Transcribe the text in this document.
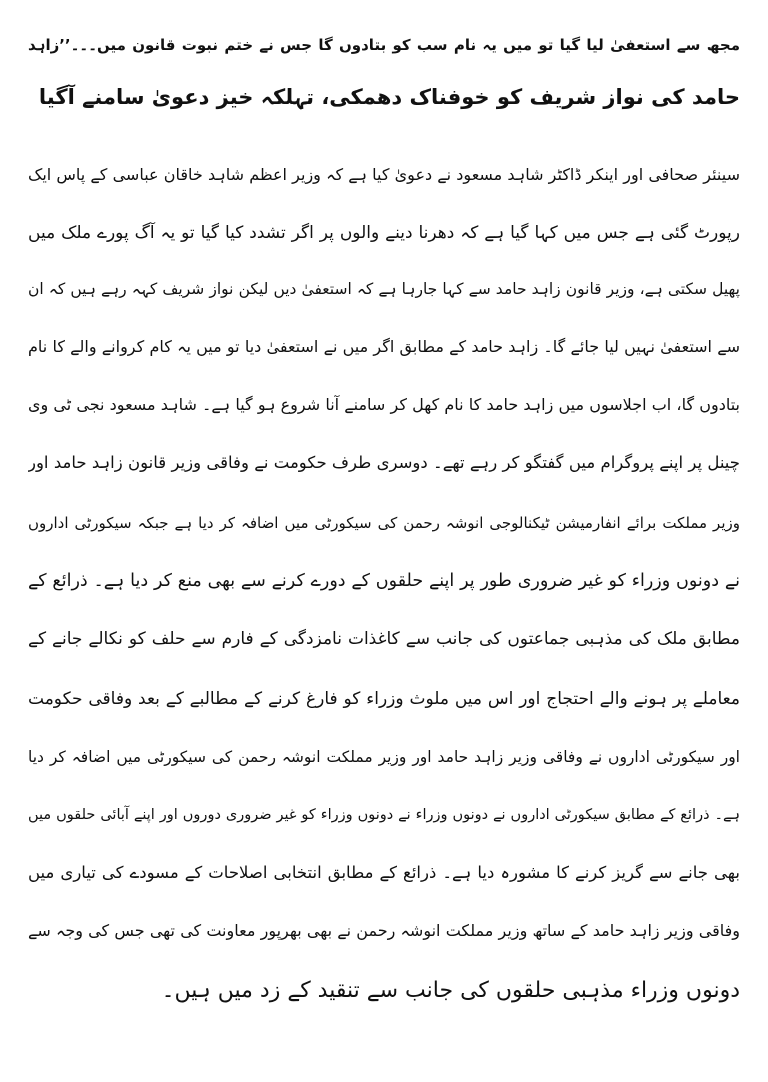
مجھ سے استعفیٰ لیا گیا تو میں یہ نام سب کو بتادوں گا جس نے ختم نبوت قانون میں۔۔۔’’زاہد
حامد کی نواز شریف کو خوفناک دھمکی، تہلکہ خیز دعویٰ سامنے آگیا
سینئر صحافی اور اینکر ڈاکٹر شاہد مسعود نے دعویٰ کیا ہے کہ وزیر اعظم شاہد خاقان عباسی کے پاس ایک
رپورٹ گئی ہے جس میں کہا گیا ہے کہ دھرنا دینے والوں پر اگر تشدد کیا گیا تو یہ آگ پورے ملک میں
پھیل سکتی ہے، وزیر قانون زاہد حامد سے کہا جارہا ہے کہ استعفیٰ دیں لیکن نواز شریف کہہ رہے ہیں کہ ان
سے استعفیٰ نہیں لیا جائے گا۔ زاہد حامد کے مطابق اگر میں نے استعفیٰ دیا تو میں یہ کام کروانے والے کا نام
بتادوں گا، اب اجلاسوں میں زاہد حامد کا نام کھل کر سامنے آنا شروع ہو گیا ہے۔ شاہد مسعود نجی ٹی وی
چینل پر اپنے پروگرام میں گفتگو کر رہے تھے۔ دوسری طرف حکومت نے وفاقی وزیر قانون زاہد حامد اور
وزیر مملکت برائے انفارمیشن ٹیکنالوجی انوشہ رحمن کی سیکورٹی میں اضافہ کر دیا ہے جبکہ سیکورٹی اداروں
نے دونوں وزراء کو غیر ضروری طور پر اپنے حلقوں کے دورے کرنے سے بھی منع کر دیا ہے۔ ذرائع کے
مطابق ملک کی مذہبی جماعتوں کی جانب سے کاغذات نامزدگی کے فارم سے حلف کو نکالے جانے کے
معاملے پر ہونے والے احتجاج اور اس میں ملوث وزراء کو فارغ کرنے کے مطالبے کے بعد وفاقی حکومت
اور سیکورٹی اداروں نے وفاقی وزیر زاہد حامد اور وزیر مملکت انوشہ رحمن کی سیکورٹی میں اضافہ کر دیا
ہے۔ ذرائع کے مطابق سیکورٹی اداروں نے دونوں وزراء نے دونوں وزراء کو غیر ضروری دوروں اور اپنے آبائی حلقوں میں
بھی جانے سے گریز کرنے کا مشورہ دیا ہے۔ ذرائع کے مطابق انتخابی اصلاحات کے مسودے کی تیاری میں
وفاقی وزیر زاہد حامد کے ساتھ وزیر مملکت انوشہ رحمن نے بھی بھرپور معاونت کی تھی جس کی وجہ سے
دونوں وزراء مذہبی حلقوں کی جانب سے تنقید کے زد میں ہیں۔
